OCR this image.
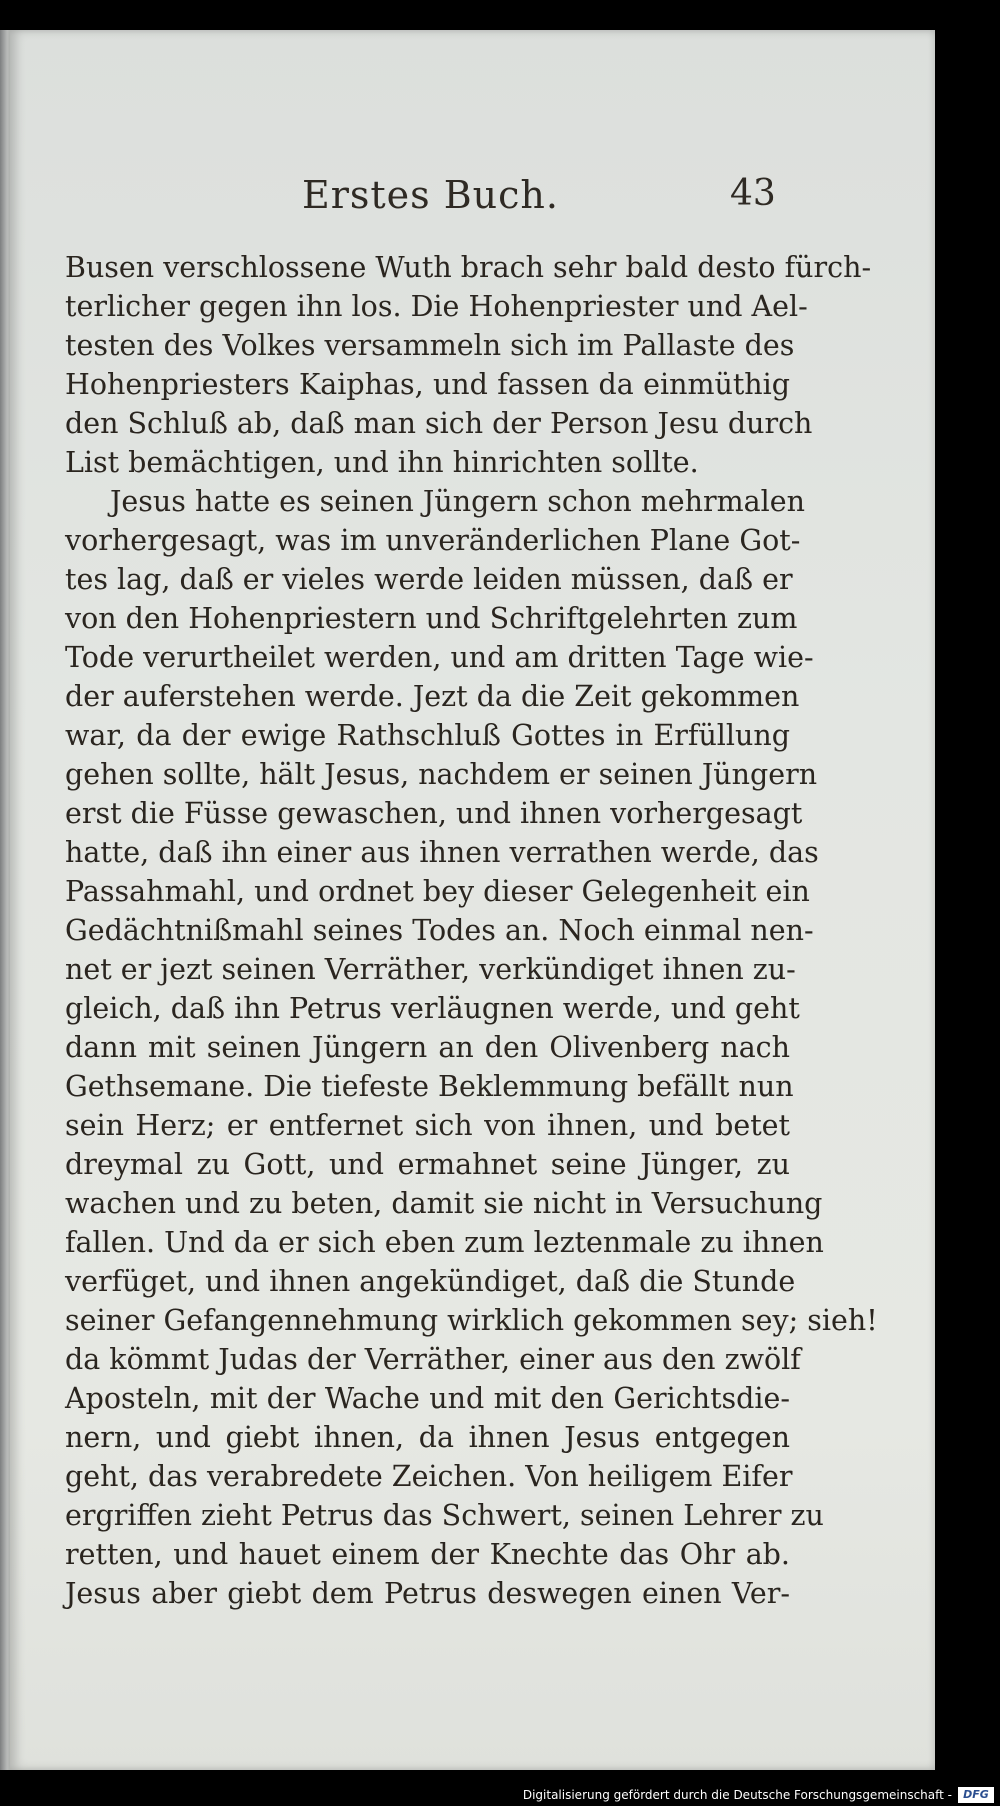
Erstes Buch.	43
Busen verschlossene Wuth brach sehr bald desto fürch-
terlicher gegen ihn los. Die Hohenpriester und Ael-
testen des Volkes versammeln sich im Pallaste des
Hohenpriesters Kaiphas, und fassen da einmüthig
den Schluß ab, daß man sich der Person Jesu durch
List bemächtigen, und ihn hinrichten sollte.
Jesus hatte es seinen Jüngern schon mehrmalen
vorhergesagt, was im unveränderlichen Plane Got-
tes lag, daß er vieles werde leiden müssen, daß er
von den Hohenpriestern und Schriftgelehrten zum
Tode verurtheilet werden, und am dritten Tage wie-
der auferstehen werde. Jezt da die Zeit gekommen
war, da der ewige Rathschluß Gottes in Erfüllung
gehen sollte, hält Jesus, nachdem er seinen Jüngern
erst die Füsse gewaschen, und ihnen vorhergesagt
hatte, daß ihn einer aus ihnen verrathen werde, das
Passahmahl, und ordnet bey dieser Gelegenheit ein
Gedächtnißmahl seines Todes an. Noch einmal nen-
net er jezt seinen Verräther, verkündiget ihnen zu-
gleich, daß ihn Petrus verläugnen werde, und geht
dann mit seinen Jüngern an den Olivenberg nach
Gethsemane. Die tiefeste Beklemmung befällt nun
sein Herz; er entfernet sich von ihnen, und betet
dreymal zu Gott, und ermahnet seine Jünger, zu
wachen und zu beten, damit sie nicht in Versuchung
fallen. Und da er sich eben zum leztenmale zu ihnen
verfüget, und ihnen angekündiget, daß die Stunde
seiner Gefangennehmung wirklich gekommen sey; sieh!
da kömmt Judas der Verräther, einer aus den zwölf
Aposteln, mit der Wache und mit den Gerichtsdie-
nern, und giebt ihnen, da ihnen Jesus entgegen
geht, das verabredete Zeichen. Von heiligem Eifer
ergriffen zieht Petrus das Schwert, seinen Lehrer zu
retten, und hauet einem der Knechte das Ohr ab.
Jesus aber giebt dem Petrus deswegen einen Ver-
Digitalisierung gefördert durch die Deutsche Forschungsgemeinschaft -	DFG
